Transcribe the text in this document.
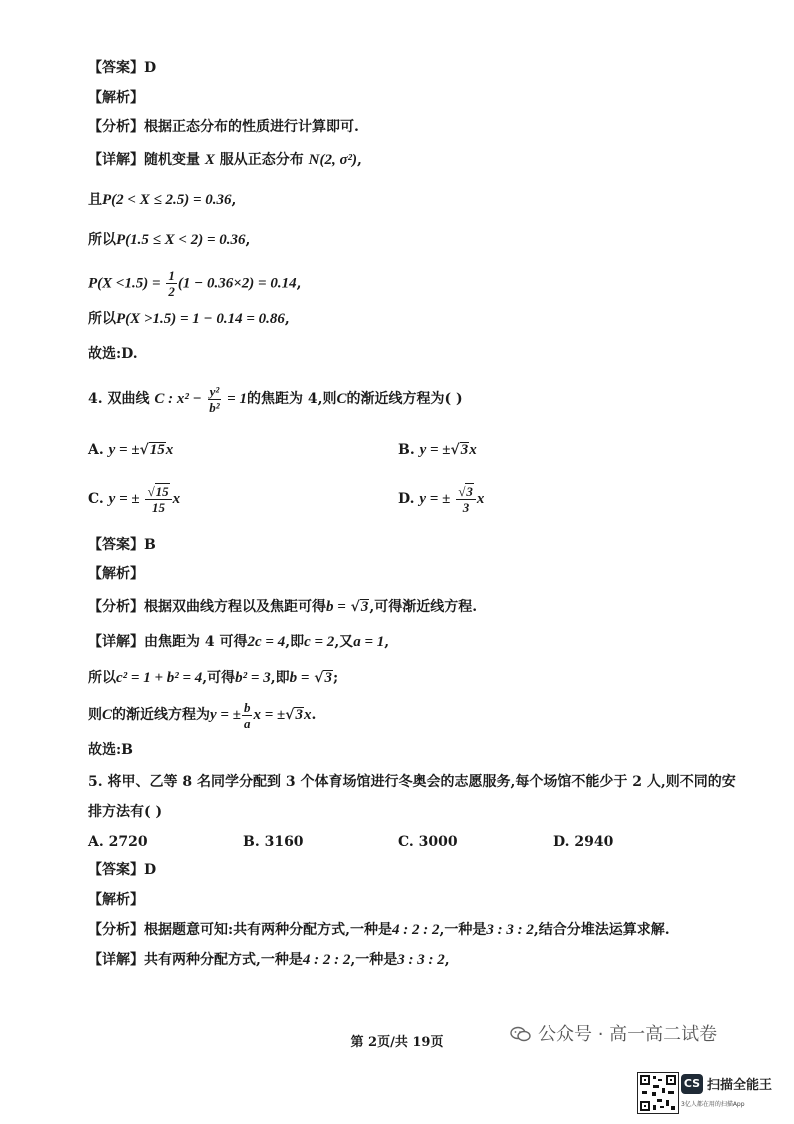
【答案】D
【解析】
【分析】根据正态分布的性质进行计算即可.
【详解】随机变量 X 服从正态分布 N(2, σ²),
且P(2 < X ≤ 2.5) = 0.36,
所以P(1.5 ≤ X < 2) = 0.36,
$P(X <1.5) = \frac{1}{2} (1 - 0.36\times 2) = 0.14$,
所以P(X >1.5) = 1 − 0.14 = 0.86,
故选:D.
4. 双曲线 C : $x^2 - \frac{\text{y²}}{\text{b²}} = 1$的焦距为 4,则C的渐近线方程为( )
A. y = ±√15x	B. y = ±√3x
C. y = ± $\frac{√15}{15}$ x	D. y = ± $\frac{√3}{3}$ x
【答案】B
【解析】
【分析】根据双曲线方程以及焦距可得b = √3,可得渐近线方程.
【详解】由焦距为 4 可得2c = 4,即c = 2,又a = 1,
所以c² = 1 + b² = 4,可得b² = 3,即b = √3;
则C的渐近线方程为y = ± $\frac{b}{a}$ x = ±√3x.
故选:B
5. 将甲、乙等 8 名同学分配到 3 个体育场馆进行冬奥会的志愿服务,每个场馆不能少于 2 人,则不同的安
排方法有( )
A. 2720	B. 3160	C. 3000	D. 2940
【答案】D
【解析】
【分析】根据题意可知:共有两种分配方式,一种是4 : 2 : 2,一种是3 : 3 : 2,结合分堆法运算求解.
【详解】共有两种分配方式,一种是4 : 2 : 2,一种是3 : 3 : 2,
第 2页/共 19页	公众号 · 高一高二试卷
CS 扫描全能王
3亿人都在用的扫描App
